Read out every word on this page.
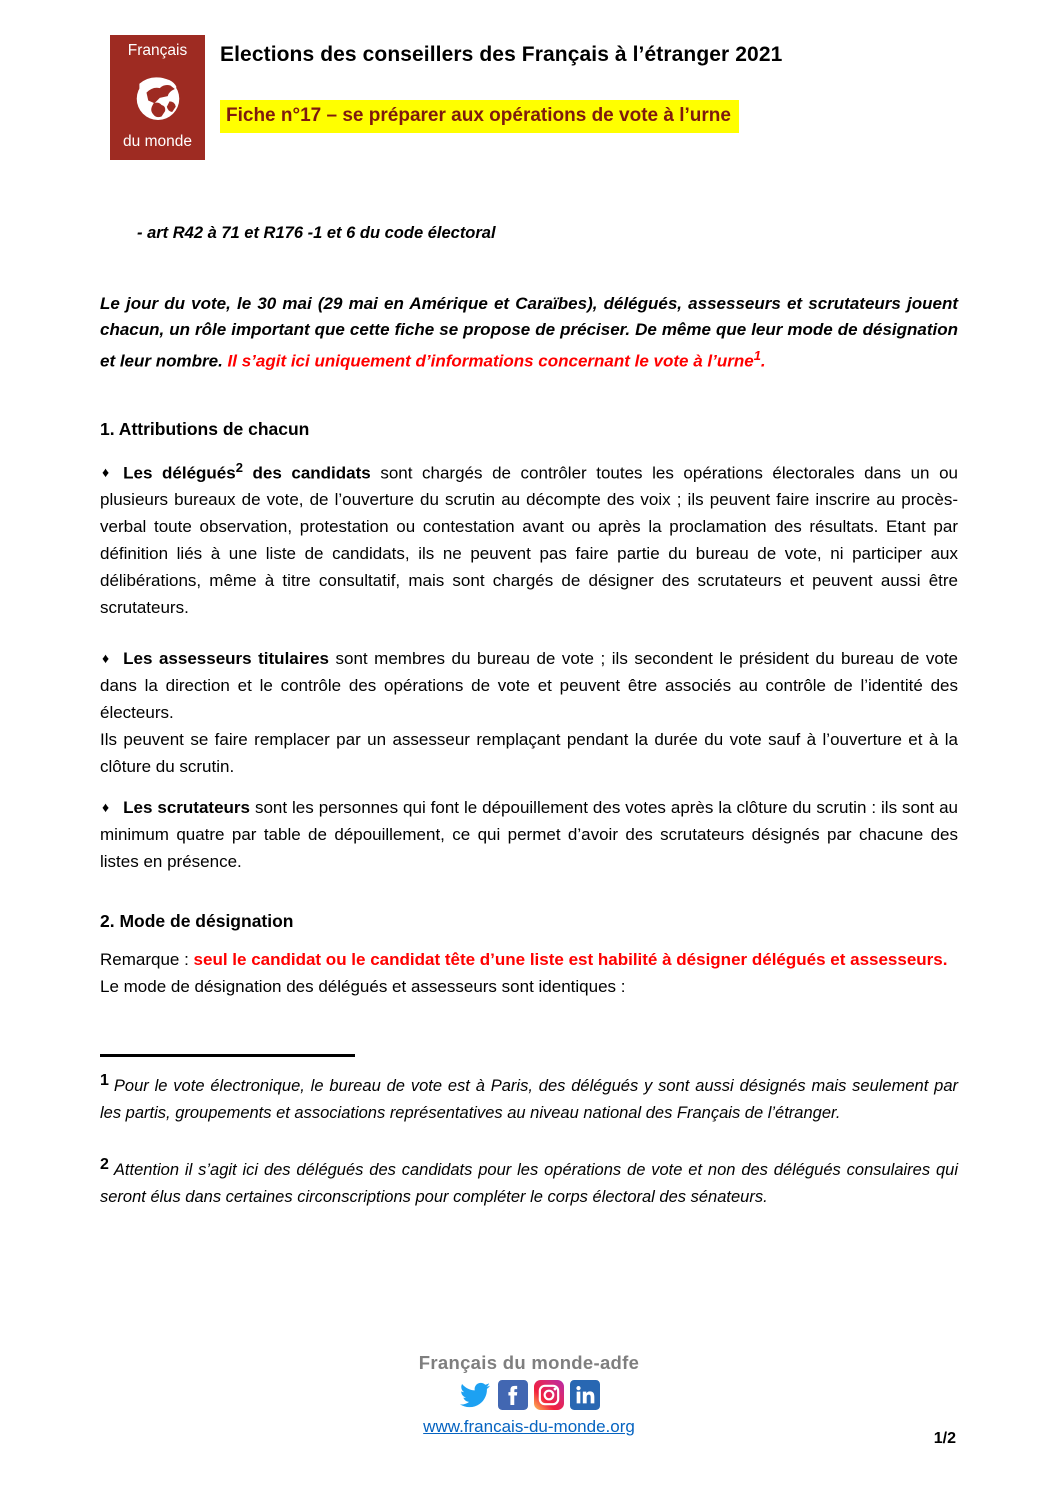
Français
du monde
Elections des conseillers des Français à l’étranger 2021
Fiche n°17 – se préparer aux opérations de vote à l’urne
- art R42 à 71 et R176 -1 et 6 du code électoral
Le jour du vote, le 30 mai (29 mai en Amérique et Caraïbes), délégués, assesseurs et scrutateurs jouent chacun, un rôle important que cette fiche se propose de préciser. De même que leur mode de désignation et leur nombre. Il s’agit ici uniquement d’informations concernant le vote à l’urne$^1$.
1. Attributions de chacun
♦ Les délégués$^2$ des candidats sont chargés de contrôler toutes les opérations électorales dans un ou plusieurs bureaux de vote, de l’ouverture du scrutin au décompte des voix ; ils peuvent faire inscrire au procès-verbal toute observation, protestation ou contestation avant ou après la proclamation des résultats. Etant par définition liés à une liste de candidats, ils ne peuvent pas faire partie du bureau de vote, ni participer aux délibérations, même à titre consultatif, mais sont chargés de désigner des scrutateurs et peuvent aussi être scrutateurs.
♦ Les assesseurs titulaires sont membres du bureau de vote ; ils secondent le président du bureau de vote dans la direction et le contrôle des opérations de vote et peuvent être associés au contrôle de l’identité des électeurs.
Ils peuvent se faire remplacer par un assesseur remplaçant pendant la durée du vote sauf à l’ouverture et à la clôture du scrutin.
♦ Les scrutateurs sont les personnes qui font le dépouillement des votes après la clôture du scrutin : ils sont au minimum quatre par table de dépouillement, ce qui permet d’avoir des scrutateurs désignés par chacune des listes en présence.
2. Mode de désignation
Remarque : seul le candidat ou le candidat tête d’une liste est habilité à désigner délégués et assesseurs.
Le mode de désignation des délégués et assesseurs sont identiques :
1 Pour le vote électronique, le bureau de vote est à Paris, des délégués y sont aussi désignés mais seulement par les partis, groupements et associations représentatives au niveau national des Français de l’étranger.
2 Attention il s’agit ici des délégués des candidats pour les opérations de vote et non des délégués consulaires qui seront élus dans certaines circonscriptions pour compléter le corps électoral des sénateurs.
Français du monde-adfe
www.francais-du-monde.org
1/2
